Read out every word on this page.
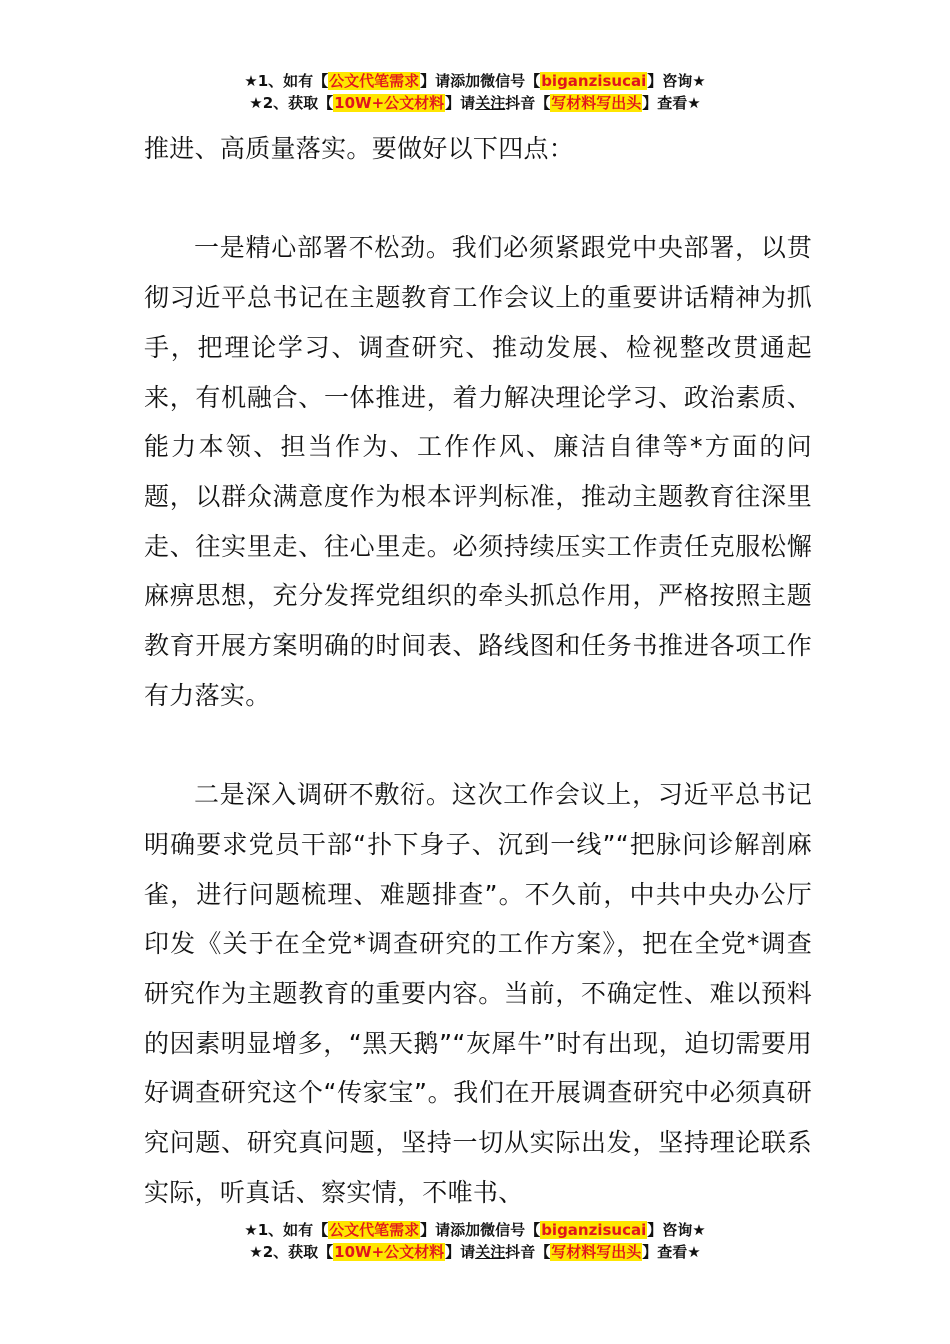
★1、如有【公文代笔需求】请添加微信号【biganzisucai】咨询★
★2、获取【10W+公文材料】请关注抖音【写材料写出头】查看★

推进、高质量落实。要做好以下四点：

一是精心部署不松劲。我们必须紧跟党中央部署，以贯彻习近平总书记在主题教育工作会议上的重要讲话精神为抓手，把理论学习、调查研究、推动发展、检视整改贯通起来，有机融合、一体推进，着力解决理论学习、政治素质、能力本领、担当作为、工作作风、廉洁自律等*方面的问题，以群众满意度作为根本评判标准，推动主题教育往深里走、往实里走、往心里走。必须持续压实工作责任克服松懈麻痹思想，充分发挥党组织的牵头抓总作用，严格按照主题教育开展方案明确的时间表、路线图和任务书推进各项工作有力落实。

二是深入调研不敷衍。这次工作会议上，习近平总书记明确要求党员干部“扑下身子、沉到一线”“把脉问诊解剖麻雀，进行问题梳理、难题排查”。不久前，中共中央办公厅印发《关于在全党*调查研究的工作方案》，把在全党*调查研究作为主题教育的重要内容。当前，不确定性、难以预料的因素明显增多，“黑天鹅”“灰犀牛”时有出现，迫切需要用好调查研究这个“传家宝”。我们在开展调查研究中必须真研究问题、研究真问题，坚持一切从实际出发，坚持理论联系实际，听真话、察实情，不唯书、

★1、如有【公文代笔需求】请添加微信号【biganzisucai】咨询★
★2、获取【10W+公文材料】请关注抖音【写材料写出头】查看★
